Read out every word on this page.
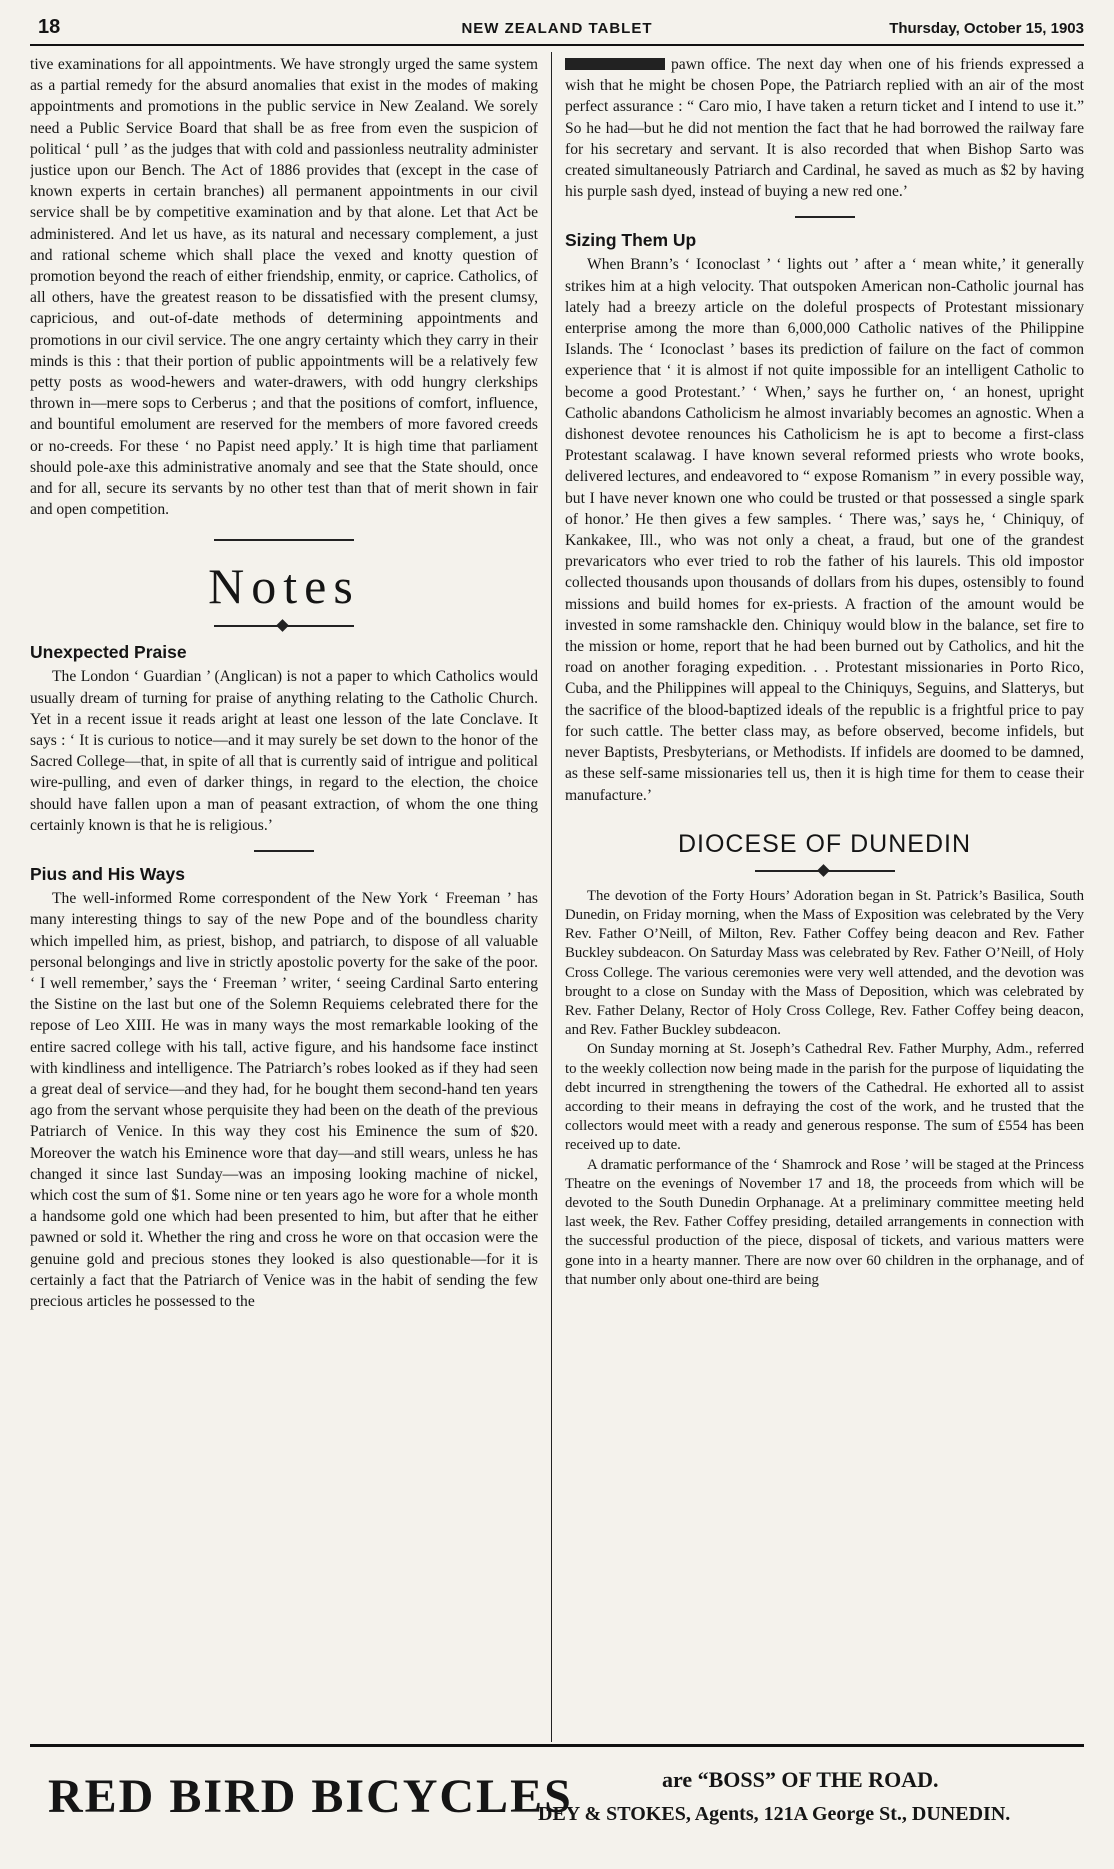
18	NEW ZEALAND TABLET	Thursday, October 15, 1903

tive examinations for all appointments. We have strongly urged the same system as a partial remedy for the absurd anomalies that exist in the modes of making appointments and promotions in the public service in New Zealand. We sorely need a Public Service Board that shall be as free from even the suspicion of political ‘ pull ’ as the judges that with cold and passionless neutrality administer justice upon our Bench. The Act of 1886 provides that (except in the case of known experts in certain branches) all permanent appointments in our civil service shall be by competitive examination and by that alone. Let that Act be administered. And let us have, as its natural and necessary complement, a just and rational scheme which shall place the vexed and knotty question of promotion beyond the reach of either friendship, enmity, or caprice. Catholics, of all others, have the greatest reason to be dissatisfied with the present clumsy, capricious, and out-of-date methods of determining appointments and promotions in our civil service. The one angry certainty which they carry in their minds is this : that their portion of public appointments will be a relatively few petty posts as wood-hewers and water-drawers, with odd hungry clerkships thrown in—mere sops to Cerberus ; and that the positions of comfort, influence, and bountiful emolument are reserved for the members of more favored creeds or no-creeds. For these ‘ no Papist need apply.’ It is high time that parliament should pole-axe this administrative anomaly and see that the State should, once and for all, secure its servants by no other test than that of merit shown in fair and open competition.

Notes
Unexpected Praise

The London ‘ Guardian ’ (Anglican) is not a paper to which Catholics would usually dream of turning for praise of anything relating to the Catholic Church. Yet in a recent issue it reads aright at least one lesson of the late Conclave. It says : ‘ It is curious to notice—and it may surely be set down to the honor of the Sacred College—that, in spite of all that is currently said of intrigue and political wire-pulling, and even of darker things, in regard to the election, the choice should have fallen upon a man of peasant extraction, of whom the one thing certainly known is that he is religious.’

Pius and His Ways

The well-informed Rome correspondent of the New York ‘ Freeman ’ has many interesting things to say of the new Pope and of the boundless charity which impelled him, as priest, bishop, and patriarch, to dispose of all valuable personal belongings and live in strictly apostolic poverty for the sake of the poor. ‘ I well remember,’ says the ‘ Freeman ’ writer, ‘ seeing Cardinal Sarto entering the Sistine on the last but one of the Solemn Requiems celebrated there for the repose of Leo XIII. He was in many ways the most remarkable looking of the entire sacred college with his tall, active figure, and his handsome face instinct with kindliness and intelligence. The Patriarch’s robes looked as if they had seen a great deal of service—and they had, for he bought them second-hand ten years ago from the servant whose perquisite they had been on the death of the previous Patriarch of Venice. In this way they cost his Eminence the sum of $20. Moreover the watch his Eminence wore that day—and still wears, unless he has changed it since last Sunday—was an imposing looking machine of nickel, which cost the sum of $1. Some nine or ten years ago he wore for a whole month a handsome gold one which had been presented to him, but after that he either pawned or sold it. Whether the ring and cross he wore on that occasion were the genuine gold and precious stones they looked is also questionable—for it is certainly a fact that the Patriarch of Venice was in the habit of sending the few precious articles he possessed to the

pawn office. The next day when one of his friends expressed a wish that he might be chosen Pope, the Patriarch replied with an air of the most perfect assurance : “ Caro mio, I have taken a return ticket and I intend to use it.” So he had—but he did not mention the fact that he had borrowed the railway fare for his secretary and servant. It is also recorded that when Bishop Sarto was created simultaneously Patriarch and Cardinal, he saved as much as $2 by having his purple sash dyed, instead of buying a new red one.’

Sizing Them Up

When Brann’s ‘ Iconoclast ’ ‘ lights out ’ after a ‘ mean white,’ it generally strikes him at a high velocity. That outspoken American non-Catholic journal has lately had a breezy article on the doleful prospects of Protestant missionary enterprise among the more than 6,000,000 Catholic natives of the Philippine Islands. The ‘ Iconoclast ’ bases its prediction of failure on the fact of common experience that ‘ it is almost if not quite impossible for an intelligent Catholic to become a good Protestant.’ ‘ When,’ says he further on, ‘ an honest, upright Catholic abandons Catholicism he almost invariably becomes an agnostic. When a dishonest devotee renounces his Catholicism he is apt to become a first-class Protestant scalawag. I have known several reformed priests who wrote books, delivered lectures, and endeavored to “ expose Romanism ” in every possible way, but I have never known one who could be trusted or that possessed a single spark of honor.’ He then gives a few samples. ‘ There was,’ says he, ‘ Chiniquy, of Kankakee, Ill., who was not only a cheat, a fraud, but one of the grandest prevaricators who ever tried to rob the father of his laurels. This old impostor collected thousands upon thousands of dollars from his dupes, ostensibly to found missions and build homes for ex-priests. A fraction of the amount would be invested in some ramshackle den. Chiniquy would blow in the balance, set fire to the mission or home, report that he had been burned out by Catholics, and hit the road on another foraging expedition. . . Protestant missionaries in Porto Rico, Cuba, and the Philippines will appeal to the Chiniquys, Seguins, and Slatterys, but the sacrifice of the blood-baptized ideals of the republic is a frightful price to pay for such cattle. The better class may, as before observed, become infidels, but never Baptists, Presbyterians, or Methodists. If infidels are doomed to be damned, as these self-same missionaries tell us, then it is high time for them to cease their manufacture.’

DIOCESE OF DUNEDIN

The devotion of the Forty Hours’ Adoration began in St. Patrick’s Basilica, South Dunedin, on Friday morning, when the Mass of Exposition was celebrated by the Very Rev. Father O’Neill, of Milton, Rev. Father Coffey being deacon and Rev. Father Buckley subdeacon. On Saturday Mass was celebrated by Rev. Father O’Neill, of Holy Cross College. The various ceremonies were very well attended, and the devotion was brought to a close on Sunday with the Mass of Deposition, which was celebrated by Rev. Father Delany, Rector of Holy Cross College, Rev. Father Coffey being deacon, and Rev. Father Buckley subdeacon.

On Sunday morning at St. Joseph’s Cathedral Rev. Father Murphy, Adm., referred to the weekly collection now being made in the parish for the purpose of liquidating the debt incurred in strengthening the towers of the Cathedral. He exhorted all to assist according to their means in defraying the cost of the work, and he trusted that the collectors would meet with a ready and generous response. The sum of £554 has been received up to date.

A dramatic performance of the ‘ Shamrock and Rose ’ will be staged at the Princess Theatre on the evenings of November 17 and 18, the proceeds from which will be devoted to the South Dunedin Orphanage. At a preliminary committee meeting held last week, the Rev. Father Coffey presiding, detailed arrangements in connection with the successful production of the piece, disposal of tickets, and various matters were gone into in a hearty manner. There are now over 60 children in the orphanage, and of that number only about one-third are being

RED BIRD BICYCLES	are “BOSS” OF THE ROAD.
DEY & STOKES, Agents, 121A George St., DUNEDIN.
